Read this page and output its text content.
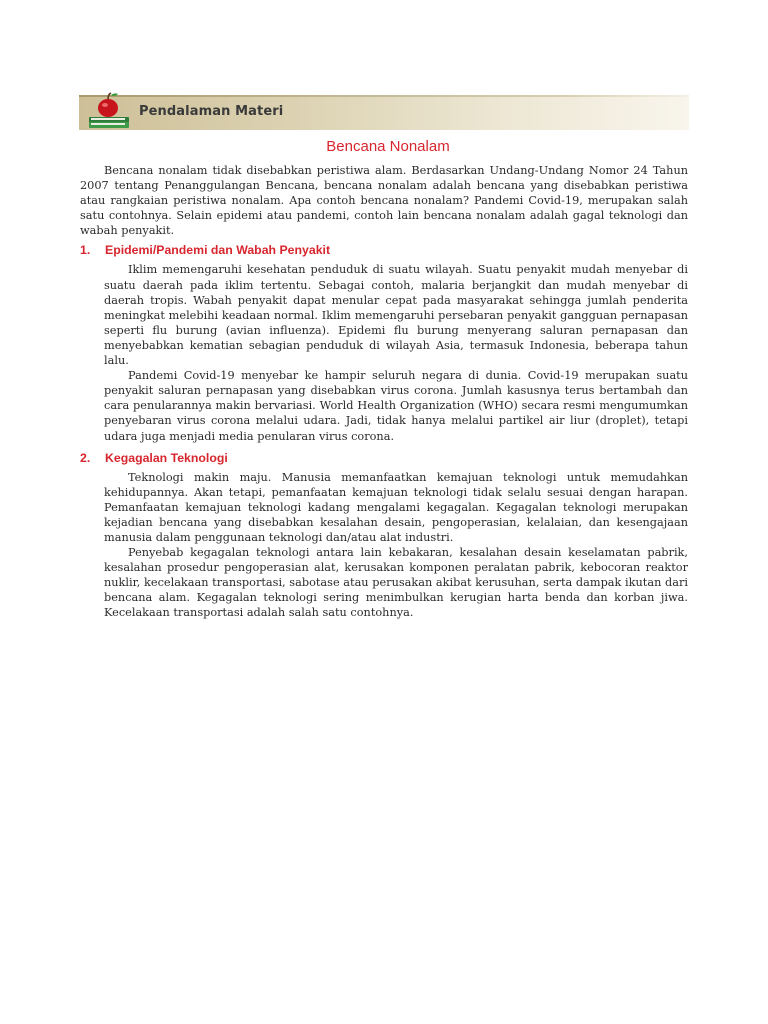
Pendalaman Materi
Bencana Nonalam

Bencana nonalam tidak disebabkan peristiwa alam. Berdasarkan Undang-Undang Nomor 24 Tahun 2007 tentang Penanggulangan Bencana, bencana nonalam adalah bencana yang disebabkan peristiwa atau rangkaian peristiwa nonalam. Apa contoh bencana nonalam? Pandemi Covid-19, merupakan salah satu contohnya. Selain epidemi atau pandemi, contoh lain bencana nonalam adalah gagal teknologi dan wabah penyakit.

1. Epidemi/Pandemi dan Wabah Penyakit

Iklim memengaruhi kesehatan penduduk di suatu wilayah. Suatu penyakit mudah menyebar di suatu daerah pada iklim tertentu. Sebagai contoh, malaria berjangkit dan mudah menyebar di daerah tropis. Wabah penyakit dapat menular cepat pada masyarakat sehingga jumlah penderita meningkat melebihi keadaan normal. Iklim memengaruhi persebaran penyakit gangguan pernapasan seperti flu burung (avian influenza). Epidemi flu burung menyerang saluran pernapasan dan menyebabkan kematian sebagian penduduk di wilayah Asia, termasuk Indonesia, beberapa tahun lalu.

Pandemi Covid-19 menyebar ke hampir seluruh negara di dunia. Covid-19 merupakan suatu penyakit saluran pernapasan yang disebabkan virus corona. Jumlah kasusnya terus bertambah dan cara penularannya makin bervariasi. World Health Organization (WHO) secara resmi mengumumkan penyebaran virus corona melalui udara. Jadi, tidak hanya melalui partikel air liur (droplet), tetapi udara juga menjadi media penularan virus corona.

2. Kegagalan Teknologi

Teknologi makin maju. Manusia memanfaatkan kemajuan teknologi untuk memudahkan kehidupannya. Akan tetapi, pemanfaatan kemajuan teknologi tidak selalu sesuai dengan harapan. Pemanfaatan kemajuan teknologi kadang mengalami kegagalan. Kegagalan teknologi merupakan kejadian bencana yang disebabkan kesalahan desain, pengoperasian, kelalaian, dan kesengajaan manusia dalam penggunaan teknologi dan/atau alat industri.

Penyebab kegagalan teknologi antara lain kebakaran, kesalahan desain keselamatan pabrik, kesalahan prosedur pengoperasian alat, kerusakan komponen peralatan pabrik, kebocoran reaktor nuklir, kecelakaan transportasi, sabotase atau perusakan akibat kerusuhan, serta dampak ikutan dari bencana alam. Kegagalan teknologi sering menimbulkan kerugian harta benda dan korban jiwa. Kecelakaan transportasi adalah salah satu contohnya.
